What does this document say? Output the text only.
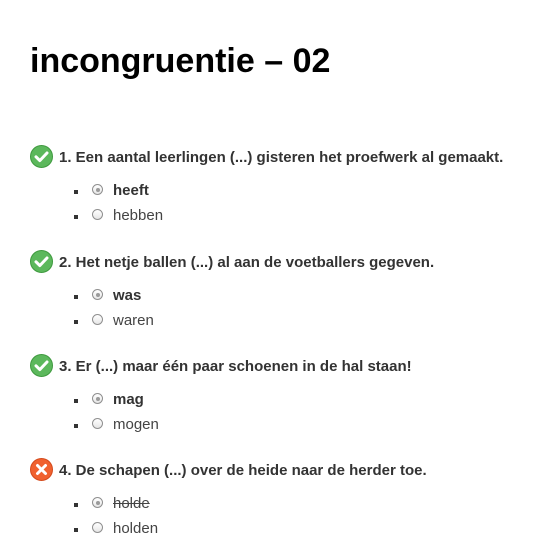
incongruentie – 02
1. Een aantal leerlingen (...) gisteren het proefwerk al gemaakt.
heeft
hebben
2. Het netje ballen (...) al aan de voetballers gegeven.
was
waren
3. Er (...) maar één paar schoenen in de hal staan!
mag
mogen
4. De schapen (...) over de heide naar de herder toe.
holde
holden
